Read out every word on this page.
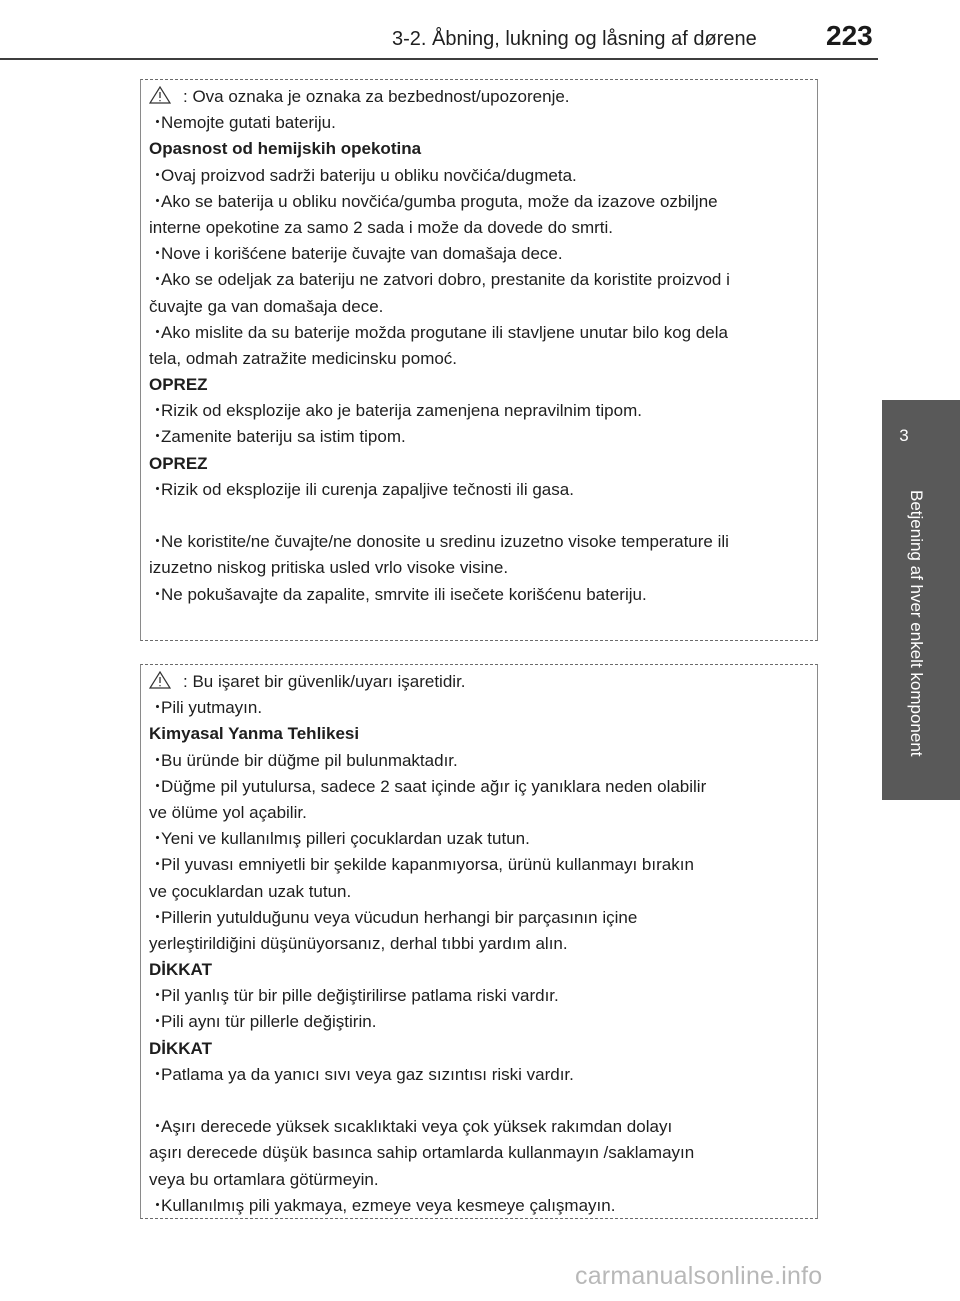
3-2. Åbning, lukning og låsning af dørene 223
3
Betjening af hver enkelt komponent
: Ova oznaka je oznaka za bezbednost/upozorenje.
・Nemojte gutati bateriju.
Opasnost od hemijskih opekotina
・Ovaj proizvod sadrži bateriju u obliku novčića/dugmeta.
・Ako se baterija u obliku novčića/gumba proguta, može da izazove ozbiljne
interne opekotine za samo 2 sada i može da dovede do smrti.
・Nove i korišćene baterije čuvajte van domašaja dece.
・Ako se odeljak za bateriju ne zatvori dobro, prestanite da koristite proizvod i
čuvajte ga van domašaja dece.
・Ako mislite da su baterije možda progutane ili stavljene unutar bilo kog dela
tela, odmah zatražite medicinsku pomoć.
OPREZ
・Rizik od eksplozije ako je baterija zamenjena nepravilnim tipom.
・Zamenite bateriju sa istim tipom.
OPREZ
・Rizik od eksplozije ili curenja zapaljive tečnosti ili gasa.
・Ne koristite/ne čuvajte/ne donosite u sredinu izuzetno visoke temperature ili
izuzetno niskog pritiska usled vrlo visoke visine.
・Ne pokušavajte da zapalite, smrvite ili isečete korišćenu bateriju.
: Bu işaret bir güvenlik/uyarı işaretidir.
・Pili yutmayın.
Kimyasal Yanma Tehlikesi
・Bu üründe bir düğme pil bulunmaktadır.
・Düğme pil yutulursa, sadece 2 saat içinde ağır iç yanıklara neden olabilir
ve ölüme yol açabilir.
・Yeni ve kullanılmış pilleri çocuklardan uzak tutun.
・Pil yuvası emniyetli bir şekilde kapanmıyorsa, ürünü kullanmayı bırakın
ve çocuklardan uzak tutun.
・Pillerin yutulduğunu veya vücudun herhangi bir parçasının içine
yerleştirildiğini düşünüyorsanız, derhal tıbbi yardım alın.
DİKKAT
・Pil yanlış tür bir pille değiştirilirse patlama riski vardır.
・Pili aynı tür pillerle değiştirin.
DİKKAT
・Patlama ya da yanıcı sıvı veya gaz sızıntısı riski vardır.
・Aşırı derecede yüksek sıcaklıktaki veya çok yüksek rakımdan dolayı
aşırı derecede düşük basınca sahip ortamlarda kullanmayın /saklamayın
veya bu ortamlara götürmeyin.
・Kullanılmış pili yakmaya, ezmeye veya kesmeye çalışmayın.
carmanualsonline.info
